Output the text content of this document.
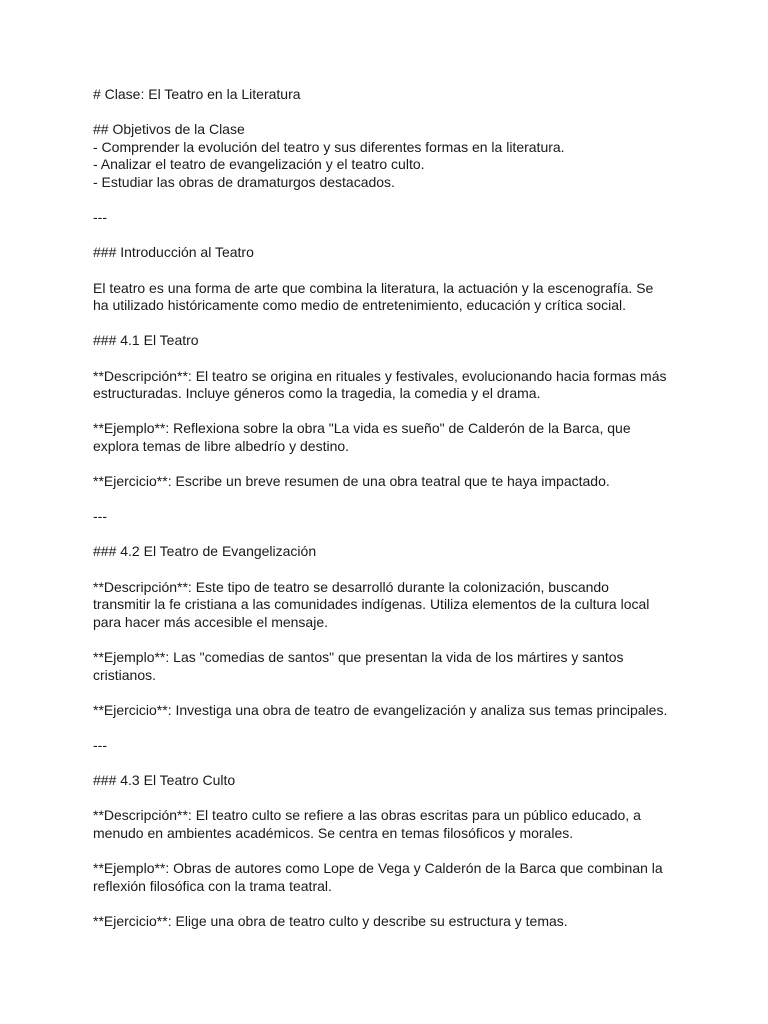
# Clase: El Teatro en la Literatura
## Objetivos de la Clase
- Comprender la evolución del teatro y sus diferentes formas en la literatura.
- Analizar el teatro de evangelización y el teatro culto.
- Estudiar las obras de dramaturgos destacados.
---
### Introducción al Teatro
El teatro es una forma de arte que combina la literatura, la actuación y la escenografía. Se
ha utilizado históricamente como medio de entretenimiento, educación y crítica social.
### 4.1 El Teatro
**Descripción**: El teatro se origina en rituales y festivales, evolucionando hacia formas más
estructuradas. Incluye géneros como la tragedia, la comedia y el drama.
**Ejemplo**: Reflexiona sobre la obra "La vida es sueño" de Calderón de la Barca, que
explora temas de libre albedrío y destino.
**Ejercicio**: Escribe un breve resumen de una obra teatral que te haya impactado.
---
### 4.2 El Teatro de Evangelización
**Descripción**: Este tipo de teatro se desarrolló durante la colonización, buscando
transmitir la fe cristiana a las comunidades indígenas. Utiliza elementos de la cultura local
para hacer más accesible el mensaje.
**Ejemplo**: Las "comedias de santos" que presentan la vida de los mártires y santos
cristianos.
**Ejercicio**: Investiga una obra de teatro de evangelización y analiza sus temas principales.
---
### 4.3 El Teatro Culto
**Descripción**: El teatro culto se refiere a las obras escritas para un público educado, a
menudo en ambientes académicos. Se centra en temas filosóficos y morales.
**Ejemplo**: Obras de autores como Lope de Vega y Calderón de la Barca que combinan la
reflexión filosófica con la trama teatral.
**Ejercicio**: Elige una obra de teatro culto y describe su estructura y temas.
